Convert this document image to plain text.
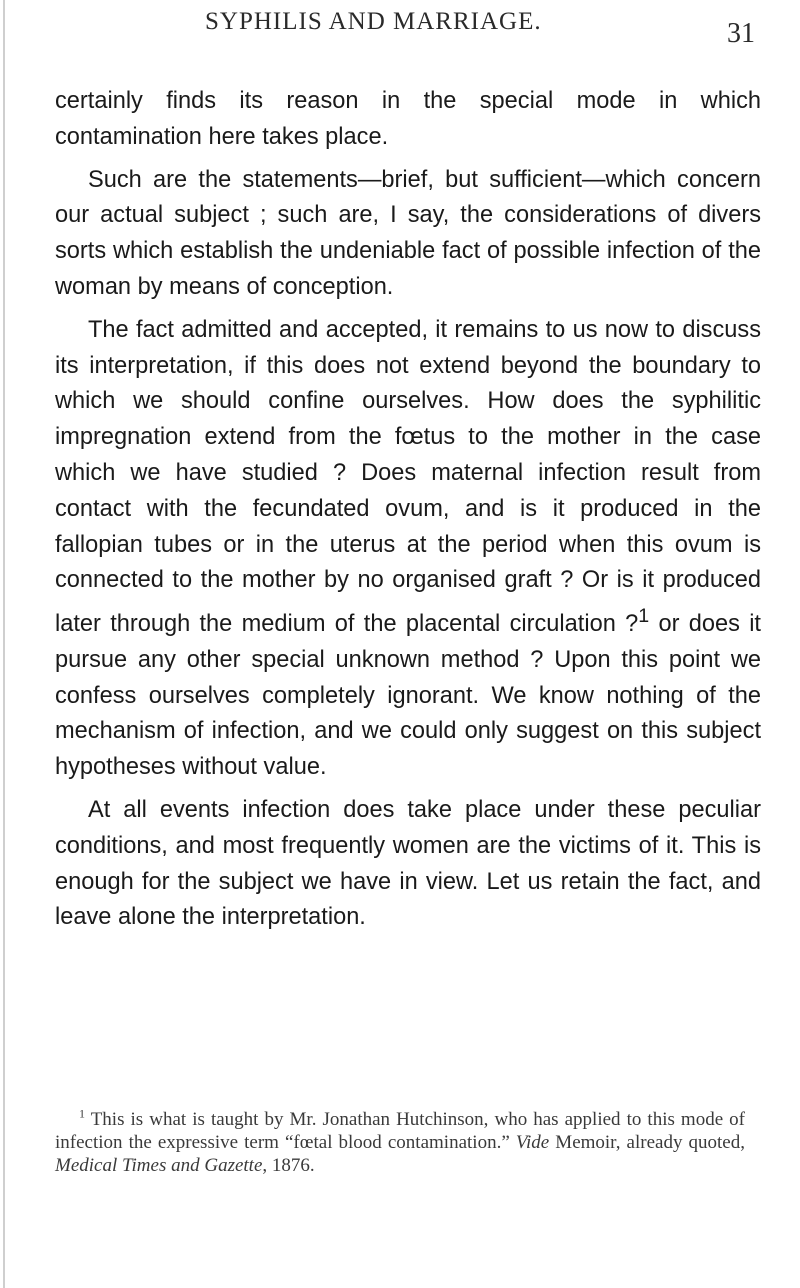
SYPHILIS AND MARRIAGE.	31

certainly finds its reason in the special mode in which contamination here takes place.

Such are the statements—brief, but sufficient—which concern our actual subject ; such are, I say, the considerations of divers sorts which establish the undeniable fact of possible infection of the woman by means of conception.

The fact admitted and accepted, it remains to us now to discuss its interpretation, if this does not extend beyond the boundary to which we should confine ourselves. How does the syphilitic impregnation extend from the fœtus to the mother in the case which we have studied ? Does maternal infection result from contact with the fecundated ovum, and is it produced in the fallopian tubes or in the uterus at the period when this ovum is connected to the mother by no organised graft ? Or is it produced later through the medium of the placental circulation ?$^1$ or does it pursue any other special unknown method ? Upon this point we confess ourselves completely ignorant. We know nothing of the mechanism of infection, and we could only suggest on this subject hypotheses without value.

At all events infection does take place under these peculiar conditions, and most frequently women are the victims of it. This is enough for the subject we have in view. Let us retain the fact, and leave alone the interpretation.

$^1$ This is what is taught by Mr. Jonathan Hutchinson, who has applied to this mode of infection the expressive term “fœtal blood contamination.” Vide Memoir, already quoted, Medical Times and Gazette, 1876.
